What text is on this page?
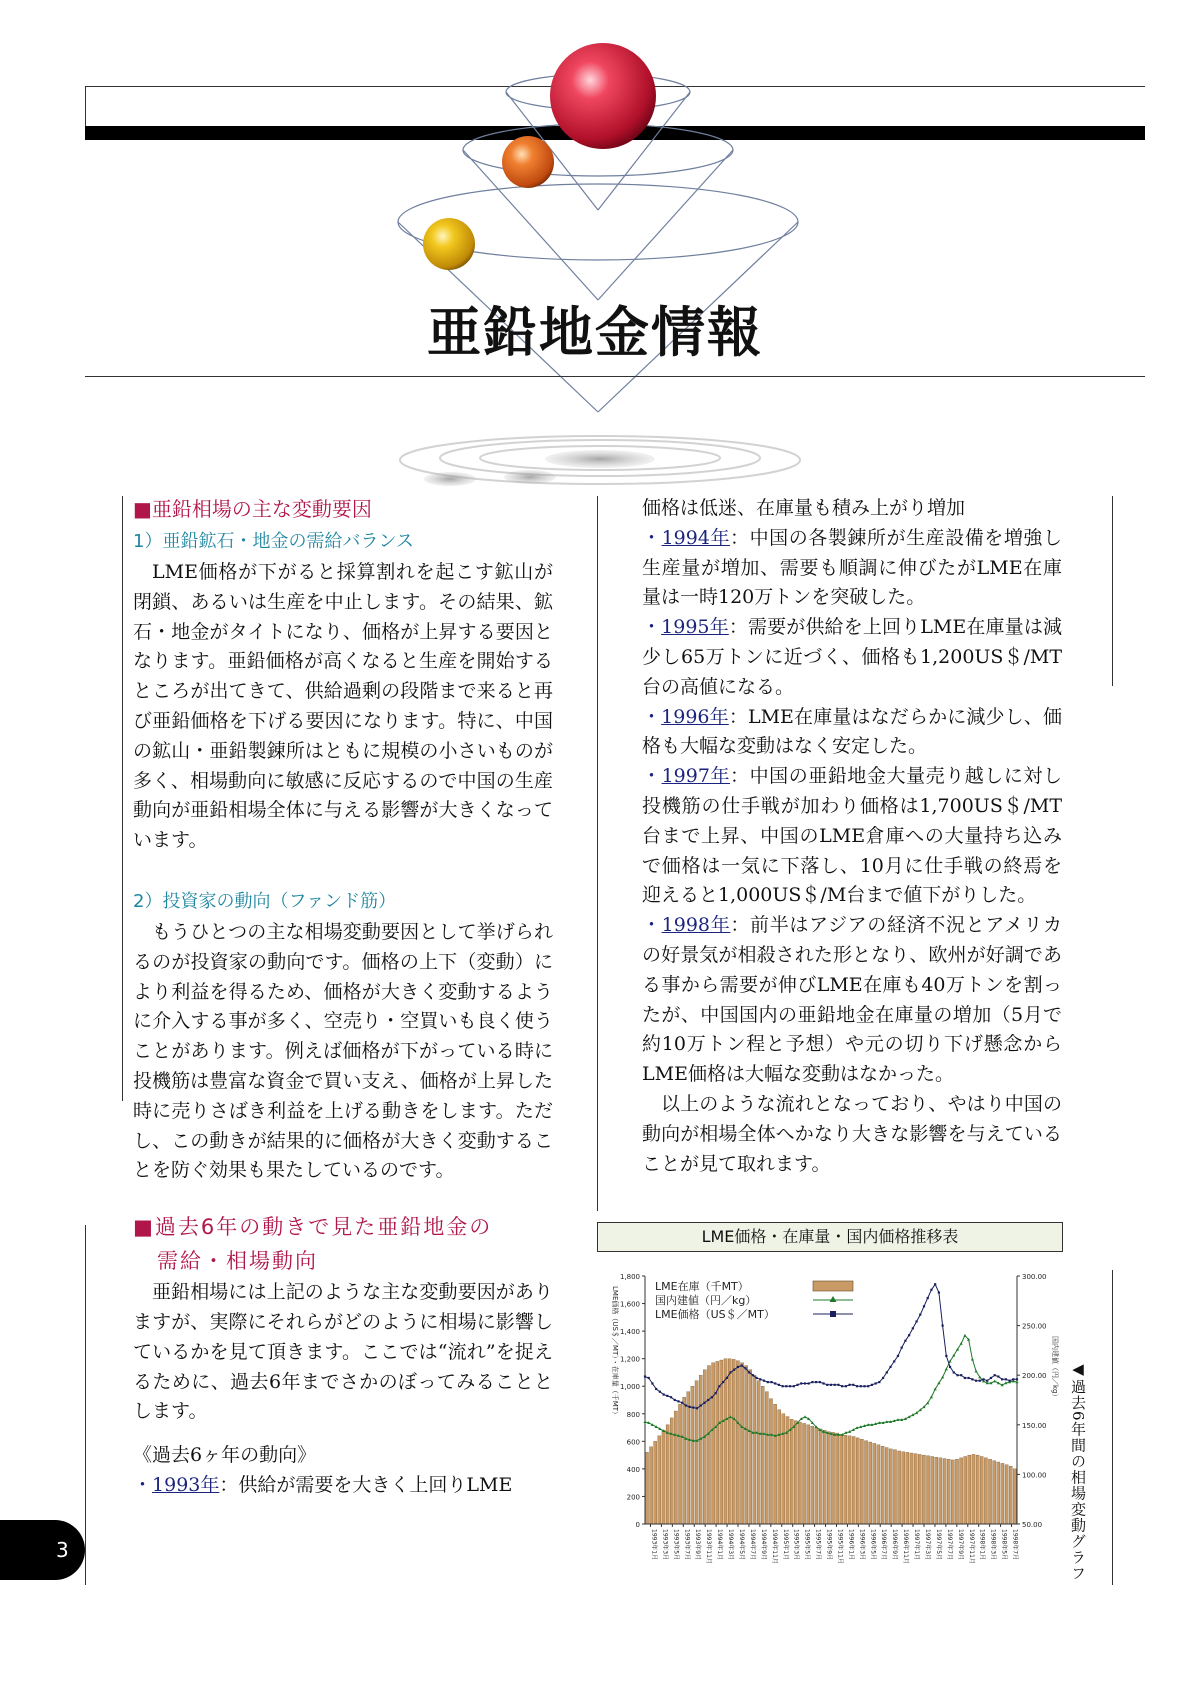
亜鉛地金情報

■亜鉛相場の主な変動要因

1）亜鉛鉱石・地金の需給バランス

LME価格が下がると採算割れを起こす鉱山が閉鎖、あるいは生産を中止します。その結果、鉱石・地金がタイトになり、価格が上昇する要因となります。亜鉛価格が高くなると生産を開始するところが出てきて、供給過剰の段階まで来ると再び亜鉛価格を下げる要因になります。特に、中国の鉱山・亜鉛製錬所はともに規模の小さいものが多く、相場動向に敏感に反応するので中国の生産動向が亜鉛相場全体に与える影響が大きくなっています。

2）投資家の動向（ファンド筋）

もうひとつの主な相場変動要因として挙げられるのが投資家の動向です。価格の上下（変動）により利益を得るため、価格が大きく変動するように介入する事が多く、空売り・空買いも良く使うことがあります。例えば価格が下がっている時に投機筋は豊富な資金で買い支え、価格が上昇した時に売りさばき利益を上げる動きをします。ただし、この動きが結果的に価格が大きく変動することを防ぐ効果も果たしているのです。

■過去6年の動きで見た亜鉛地金の

需給・相場動向

亜鉛相場には上記のような主な変動要因がありますが、実際にそれらがどのように相場に影響しているかを見て頂きます。ここでは“流れ”を捉えるために、過去6年までさかのぼってみることとします。

《過去6ヶ年の動向》

・1993年：供給が需要を大きく上回りLME

価格は低迷、在庫量も積み上がり増加

・1994年：中国の各製錬所が生産設備を増強し生産量が増加、需要も順調に伸びたがLME在庫量は一時120万トンを突破した。

・1995年：需要が供給を上回りLME在庫量は減少し65万トンに近づく、価格も1,200US＄/MT台の高値になる。

・1996年：LME在庫量はなだらかに減少し、価格も大幅な変動はなく安定した。

・1997年：中国の亜鉛地金大量売り越しに対し投機筋の仕手戦が加わり価格は1,700US＄/MT台まで上昇、中国のLME倉庫への大量持ち込みで価格は一気に下落し、10月に仕手戦の終焉を迎えると1,000US＄/M台まで値下がりした。

・1998年：前半はアジアの経済不況とアメリカの好景気が相殺された形となり、欧州が好調である事から需要が伸びLME在庫も40万トンを割ったが、中国国内の亜鉛地金在庫量の増加（5月で約10万トン程と予想）や元の切り下げ懸念からLME価格は大幅な変動はなかった。

以上のような流れとなっており、やはり中国の動向が相場全体へかなり大きな影響を与えていることが見て取れます。

LME価格・在庫量・国内価格推移表
0
200
400
600
800
1,000
1,200
1,400
1,600
1,800
50.00
100.00
150.00
200.00
250.00
300.00
LME価格（US＄／MT）・在庫量（千MT）	国内建値（円／kg）
1993年1月 1993年3月 1993年5月 1993年7月 1993年9月 1993年11月 1994年1月 1994年3月 1994年5月 1994年7月 1994年9月 1994年11月 1995年1月 1995年3月 1995年5月 1995年7月 1995年9月 1995年11月 1996年1月 1996年3月 1996年5月 1996年7月 1996年9月 1996年11月 1997年1月 1997年3月 1997年5月 1997年7月 1997年9月 1997年11月 1998年1月 1998年3月 1998年5月 1998年7月
LME在庫（千MT）
国内建値（円／kg）
LME価格（US＄／MT）
◀過去6年間の相場変動グラフ
3
